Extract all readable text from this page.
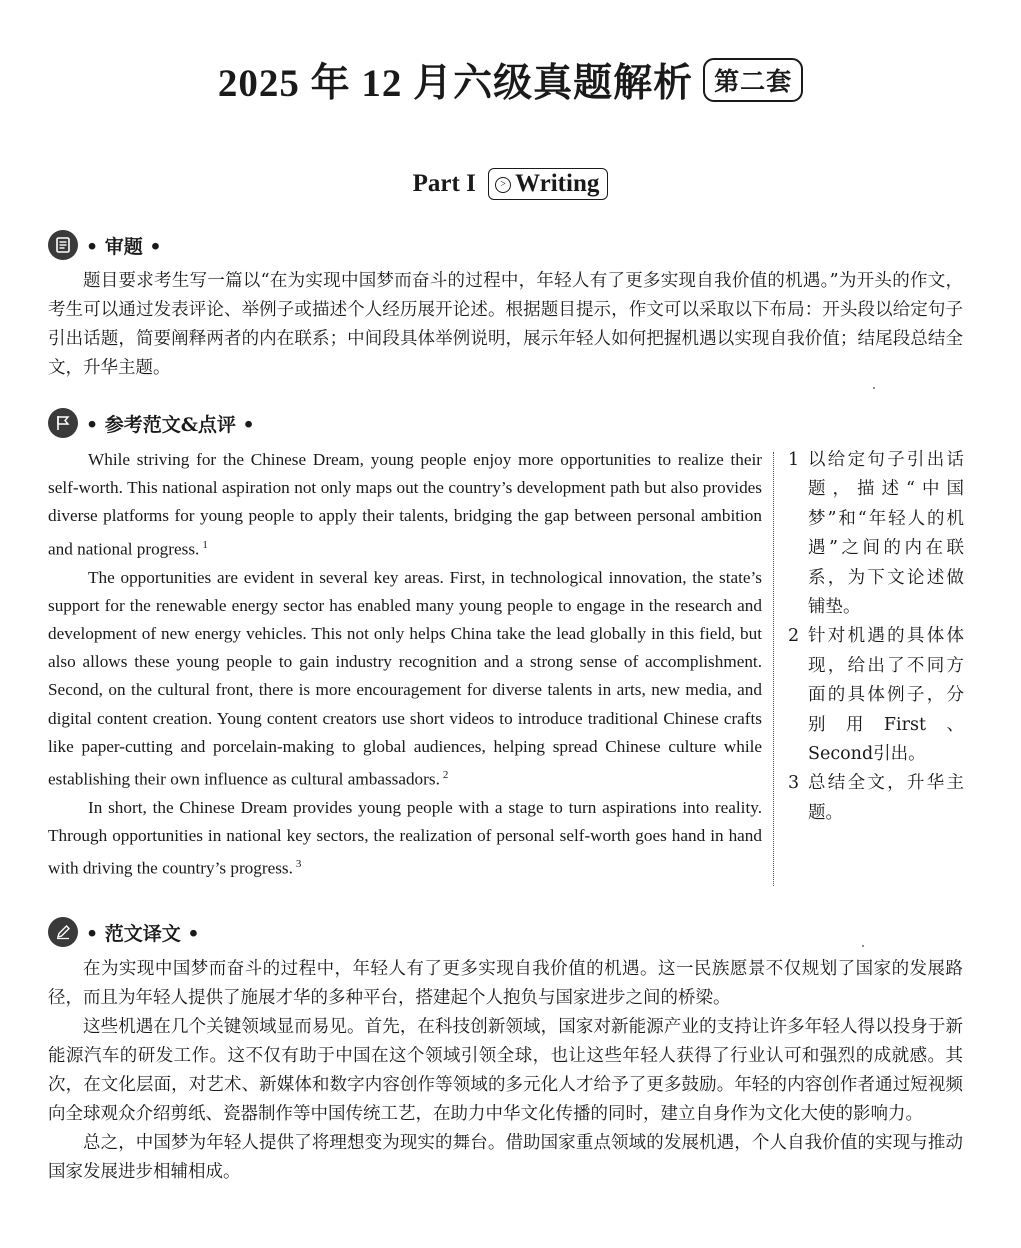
2025 年 12 月六级真题解析 第二套
Part I > Writing
• 审题 •

题目要求考生写一篇以“在为实现中国梦而奋斗的过程中，年轻人有了更多实现自我价值的机遇。”为开头的作文，考生可以通过发表评论、举例子或描述个人经历展开论述。根据题目提示，作文可以采取以下布局：开头段以给定句子引出话题，简要阐释两者的内在联系；中间段具体举例说明，展示年轻人如何把握机遇以实现自我价值；结尾段总结全文，升华主题。

• 参考范文&点评 •

While striving for the Chinese Dream, young people enjoy more opportunities to realize their self-worth. This national aspiration not only maps out the country’s development path but also provides diverse platforms for young people to apply their talents, bridging the gap between personal ambition and national progress. $^1$

The opportunities are evident in several key areas. First, in technological innovation, the state’s support for the renewable energy sector has enabled many young people to engage in the research and development of new energy vehicles. This not only helps China take the lead globally in this field, but also allows these young people to gain industry recognition and a strong sense of accomplishment. Second, on the cultural front, there is more encouragement for diverse talents in arts, new media, and digital content creation. Young content creators use short videos to introduce traditional Chinese crafts like paper-cutting and porcelain-making to global audiences, helping spread Chinese culture while establishing their own influence as cultural ambassadors. $^2$

In short, the Chinese Dream provides young people with a stage to turn aspirations into reality. Through opportunities in national key sectors, the realization of personal self-worth goes hand in hand with driving the country’s progress. $^3$

1 以给定句子引出话题，描述“中国梦”和“年轻人的机遇”之间的内在联系，为下文论述做铺垫。
2 针对机遇的具体体现，给出了不同方面的具体例子，分别用First、Second引出。
3 总结全文，升华主题。
• 范文译文 •

在为实现中国梦而奋斗的过程中，年轻人有了更多实现自我价值的机遇。这一民族愿景不仅规划了国家的发展路径，而且为年轻人提供了施展才华的多种平台，搭建起个人抱负与国家进步之间的桥梁。

这些机遇在几个关键领域显而易见。首先，在科技创新领域，国家对新能源产业的支持让许多年轻人得以投身于新能源汽车的研发工作。这不仅有助于中国在这个领域引领全球，也让这些年轻人获得了行业认可和强烈的成就感。其次，在文化层面，对艺术、新媒体和数字内容创作等领域的多元化人才给予了更多鼓励。年轻的内容创作者通过短视频向全球观众介绍剪纸、瓷器制作等中国传统工艺，在助力中华文化传播的同时，建立自身作为文化大使的影响力。

总之，中国梦为年轻人提供了将理想变为现实的舞台。借助国家重点领域的发展机遇，个人自我价值的实现与推动国家发展进步相辅相成。
